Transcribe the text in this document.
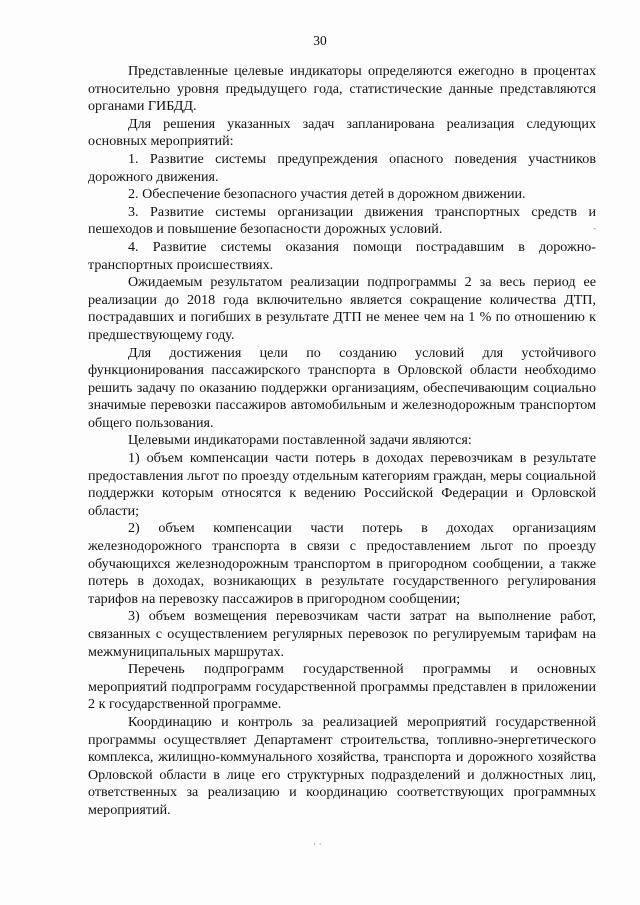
30

Представленные целевые индикаторы определяются ежегодно в процентах относительно уровня предыдущего года, статистические данные представляются органами ГИБДД.

Для решения указанных задач запланирована реализация следующих основных мероприятий:

1. Развитие системы предупреждения опасного поведения участников дорожного движения.

2. Обеспечение безопасного участия детей в дорожном движении.

3. Развитие системы организации движения транспортных средств и пешеходов и повышение безопасности дорожных условий.

4. Развитие системы оказания помощи пострадавшим в дорожно-транспортных происшествиях.

Ожидаемым результатом реализации подпрограммы 2 за весь период ее реализации до 2018 года включительно является сокращение количества ДТП, пострадавших и погибших в результате ДТП не менее чем на 1 % по отношению к предшествующему году.

Для достижения цели по созданию условий для устойчивого функционирования пассажирского транспорта в Орловской области необходимо решить задачу по оказанию поддержки организациям, обеспечивающим социально значимые перевозки пассажиров автомобильным и железнодорожным транспортом общего пользования.

Целевыми индикаторами поставленной задачи являются:

1) объем компенсации части потерь в доходах перевозчикам в результате предоставления льгот по проезду отдельным категориям граждан, меры социальной поддержки которым относятся к ведению Российской Федерации и Орловской области;

2) объем компенсации части потерь в доходах организациям железнодорожного транспорта в связи с предоставлением льгот по проезду обучающихся железнодорожным транспортом в пригородном сообщении, а также потерь в доходах, возникающих в результате государственного регулирования тарифов на перевозку пассажиров в пригородном сообщении;

3) объем возмещения перевозчикам части затрат на выполнение работ, связанных с осуществлением регулярных перевозок по регулируемым тарифам на межмуниципальных маршрутах.

Перечень подпрограмм государственной программы и основных мероприятий подпрограмм государственной программы представлен в приложении 2 к государственной программе.

Координацию и контроль за реализацией мероприятий государственной программы осуществляет Департамент строительства, топливно-энергетического комплекса, жилищно-коммунального хозяйства, транспорта и дорожного хозяйства Орловской области в лице его структурных подразделений и должностных лиц, ответственных за реализацию и координацию соответствующих программных мероприятий.

-
· ·
